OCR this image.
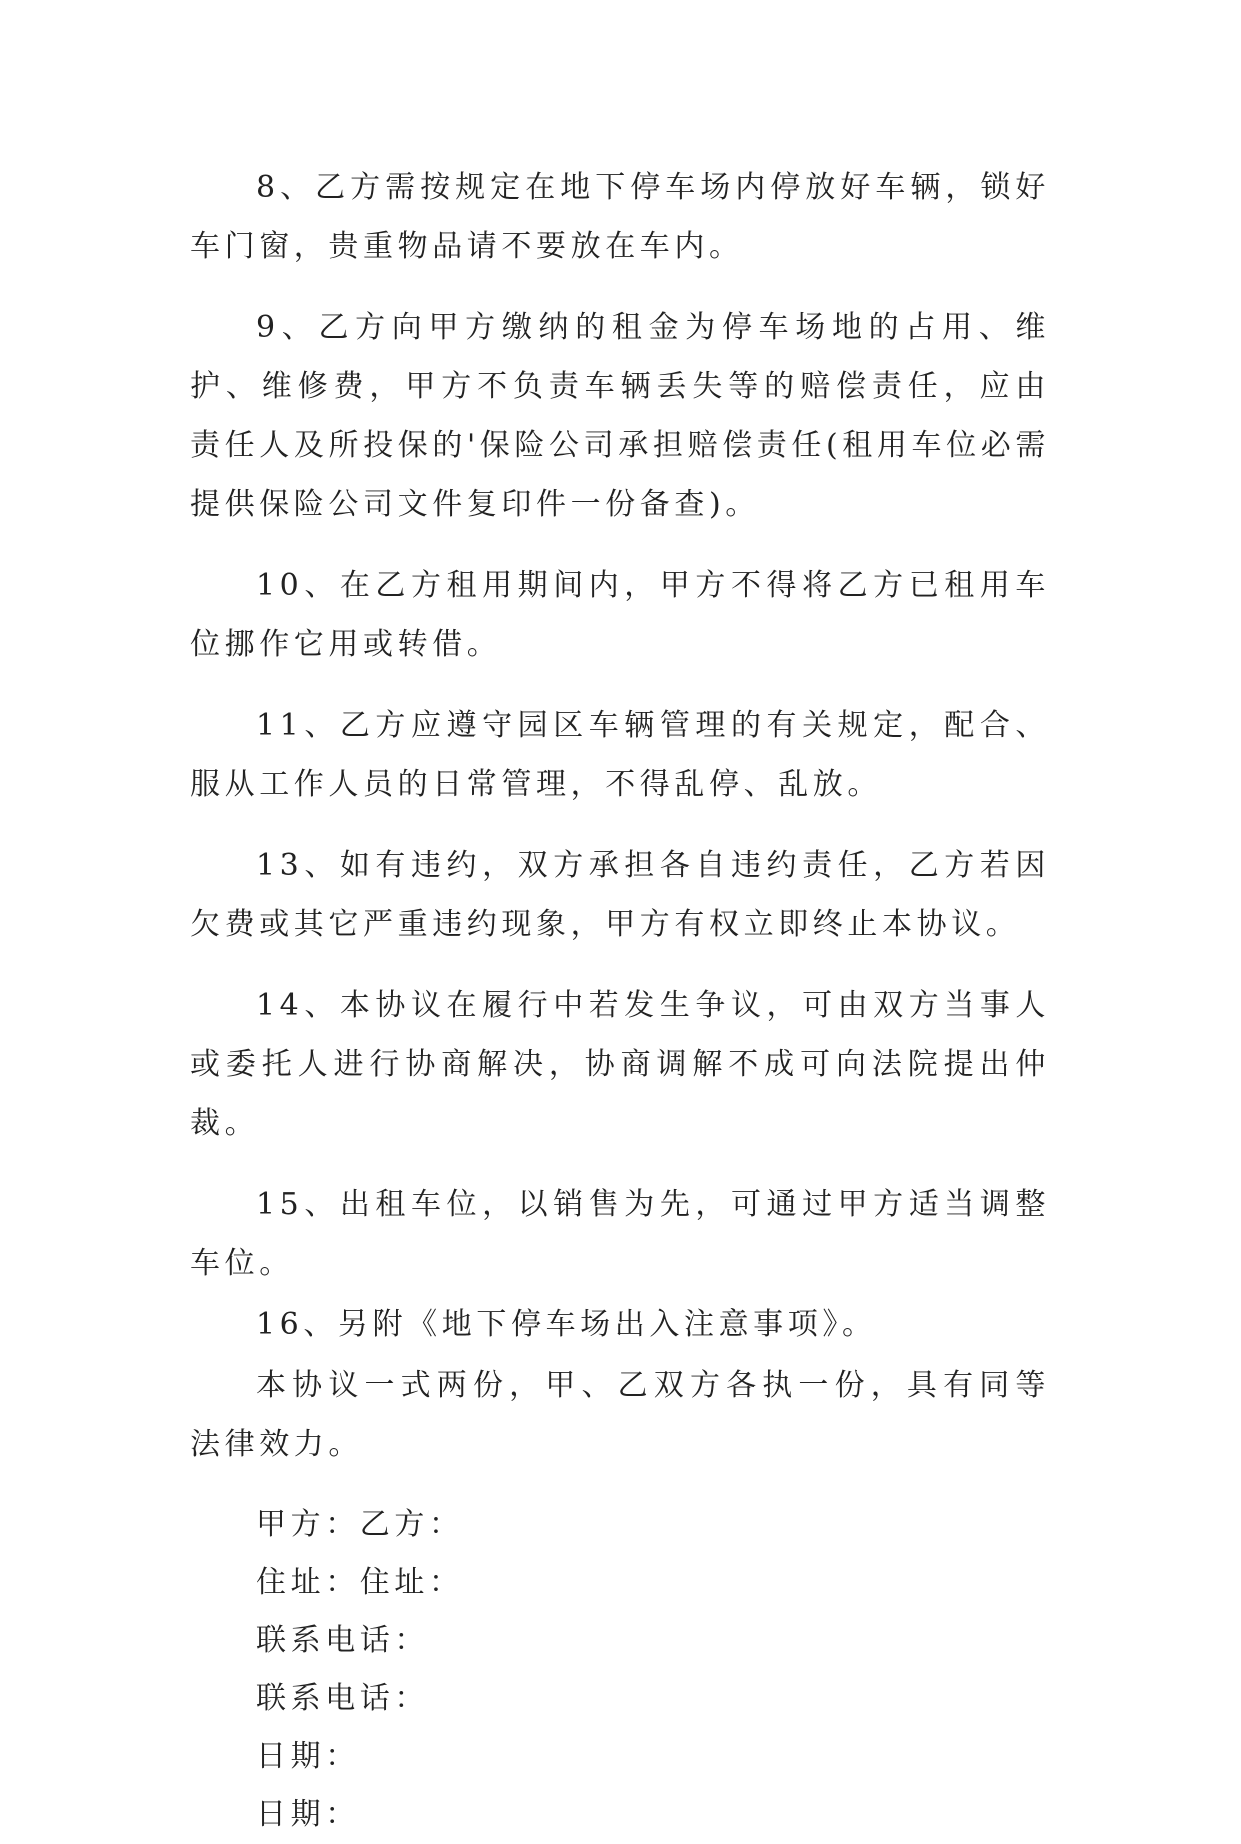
8、乙方需按规定在地下停车场内停放好车辆，锁好车门窗，贵重物品请不要放在车内。

9、乙方向甲方缴纳的租金为停车场地的占用、维护、维修费，甲方不负责车辆丢失等的赔偿责任，应由责任人及所投保的'保险公司承担赔偿责任(租用车位必需提供保险公司文件复印件一份备查)。

10、在乙方租用期间内，甲方不得将乙方已租用车位挪作它用或转借。

11、乙方应遵守园区车辆管理的有关规定，配合、服从工作人员的日常管理，不得乱停、乱放。

13、如有违约，双方承担各自违约责任，乙方若因欠费或其它严重违约现象，甲方有权立即终止本协议。

14、本协议在履行中若发生争议，可由双方当事人或委托人进行协商解决，协商调解不成可向法院提出仲裁。

15、出租车位，以销售为先，可通过甲方适当调整车位。

16、另附《地下停车场出入注意事项》。

本协议一式两份，甲、乙双方各执一份，具有同等法律效力。

甲方：乙方：

住址：住址：

联系电话：

联系电话：

日期：

日期：
